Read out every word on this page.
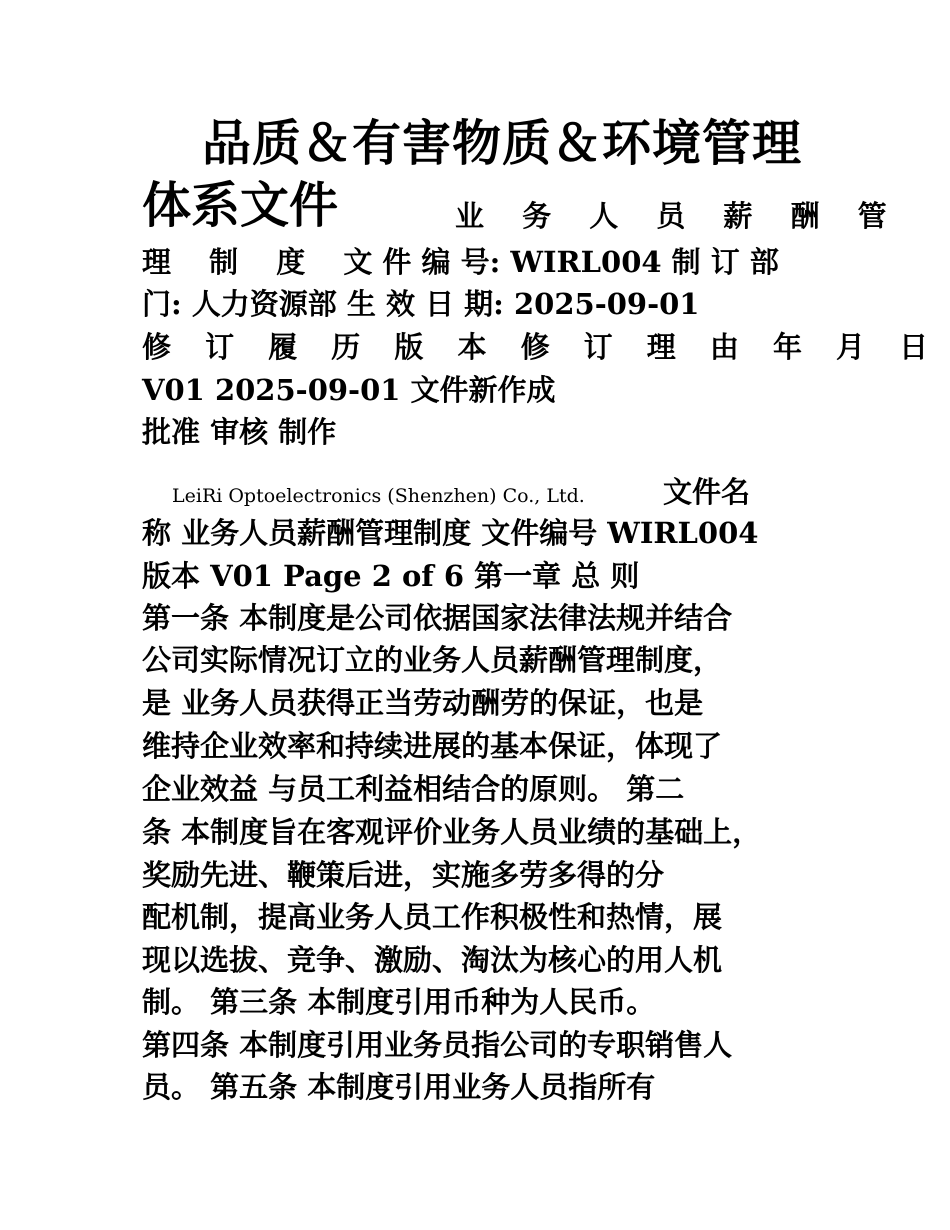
品质＆有害物质＆环境管理
体系文件	业 务 人 员 薪 酬 管
理 制 度 文 件 编 号: WIRL004 制 订 部
门: 人力资源部 生 效 日 期: 2025-09-01
修 订 履 历 版 本 修 订 理 由 年 月 日
V01 2025-09-01 文件新作成
批准 审核 制作
LeiRi Optoelectronics (Shenzhen) Co., Ltd.	文件名
称 业务人员薪酬管理制度 文件编号 WIRL004
版本 V01 Page 2 of 6 第一章 总 则
第一条 本制度是公司依据国家法律法规并结合
公司实际情况订立的业务人员薪酬管理制度，
是 业务人员获得正当劳动酬劳的保证，也是
维持企业效率和持续进展的基本保证，体现了
企业效益 与员工利益相结合的原则。 第二
条 本制度旨在客观评价业务人员业绩的基础上，
奖励先进、鞭策后进，实施多劳多得的分
配机制，提高业务人员工作积极性和热情，展
现以选拔、竞争、激励、淘汰为核心的用人机
制。 第三条 本制度引用币种为人民币。
第四条 本制度引用业务员指公司的专职销售人
员。 第五条 本制度引用业务人员指所有
